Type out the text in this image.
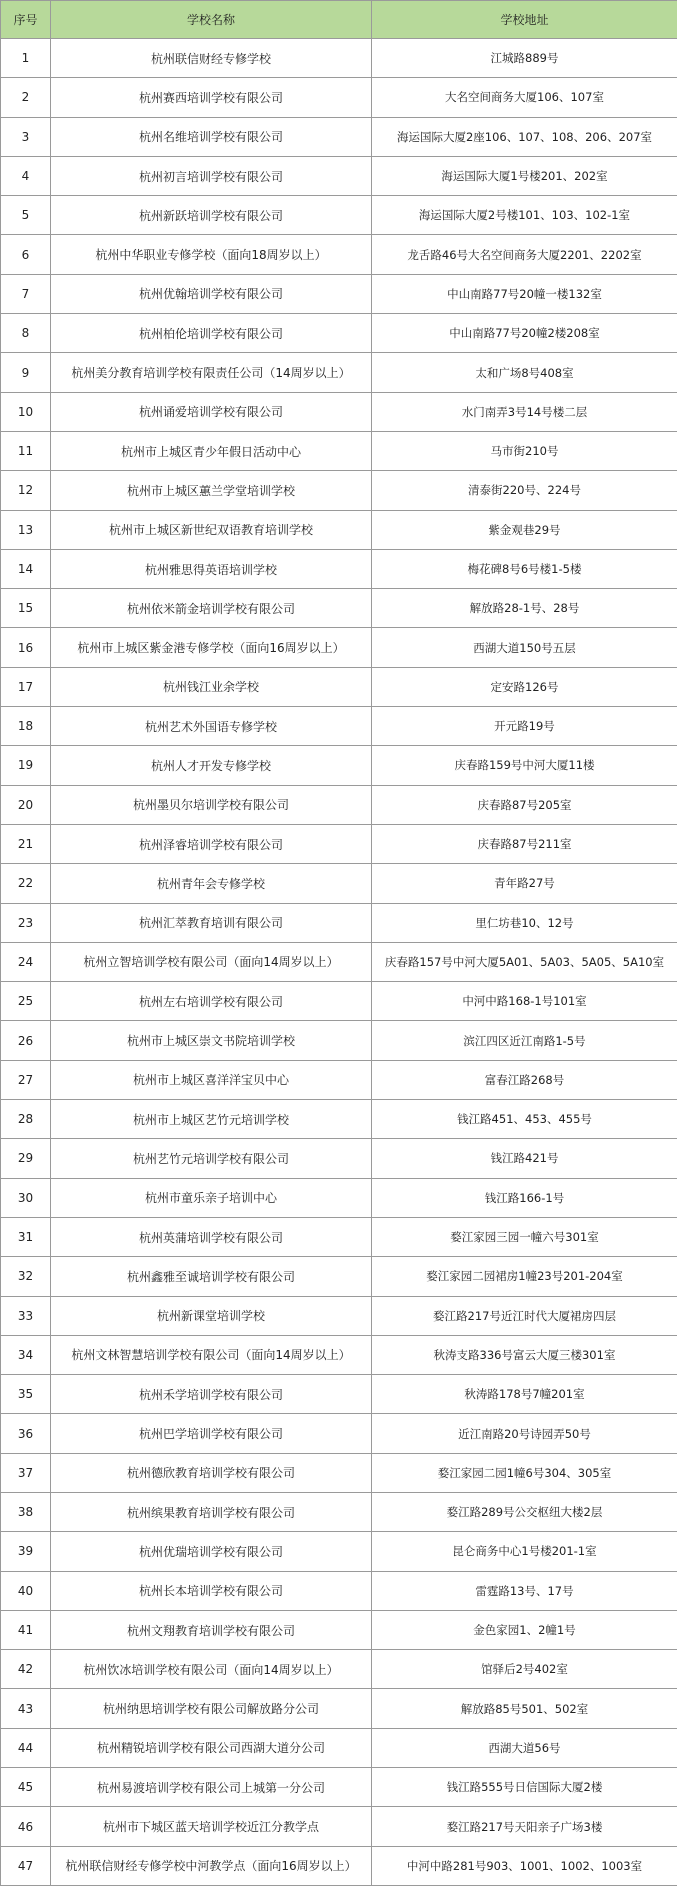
序号	学校名称	学校地址
1	杭州联信财经专修学校	江城路889号
2	杭州赛西培训学校有限公司	大名空间商务大厦106、107室
3	杭州名维培训学校有限公司	海运国际大厦2座106、107、108、206、207室
4	杭州初言培训学校有限公司	海运国际大厦1号楼201、202室
5	杭州新跃培训学校有限公司	海运国际大厦2号楼101、103、102-1室
6	杭州中华职业专修学校（面向18周岁以上）	龙舌路46号大名空间商务大厦2201、2202室
7	杭州优翰培训学校有限公司	中山南路77号20幢一楼132室
8	杭州柏伦培训学校有限公司	中山南路77号20幢2楼208室
9	杭州美分教育培训学校有限责任公司（14周岁以上）	太和广场8号408室
10	杭州诵爱培训学校有限公司	水门南弄3号14号楼二层
11	杭州市上城区青少年假日活动中心	马市街210号
12	杭州市上城区蕙兰学堂培训学校	清泰街220号、224号
13	杭州市上城区新世纪双语教育培训学校	紫金观巷29号
14	杭州雅思得英语培训学校	梅花碑8号6号楼1-5楼
15	杭州依米箭金培训学校有限公司	解放路28-1号、28号
16	杭州市上城区紫金港专修学校（面向16周岁以上）	西湖大道150号五层
17	杭州钱江业余学校	定安路126号
18	杭州艺术外国语专修学校	开元路19号
19	杭州人才开发专修学校	庆春路159号中河大厦11楼
20	杭州墨贝尔培训学校有限公司	庆春路87号205室
21	杭州泽睿培训学校有限公司	庆春路87号211室
22	杭州青年会专修学校	青年路27号
23	杭州汇萃教育培训有限公司	里仁坊巷10、12号
24	杭州立智培训学校有限公司（面向14周岁以上）	庆春路157号中河大厦5A01、5A03、5A05、5A10室
25	杭州左右培训学校有限公司	中河中路168-1号101室
26	杭州市上城区崇文书院培训学校	滨江四区近江南路1-5号
27	杭州市上城区喜洋洋宝贝中心	富春江路268号
28	杭州市上城区艺竹元培训学校	钱江路451、453、455号
29	杭州艺竹元培训学校有限公司	钱江路421号
30	杭州市童乐亲子培训中心	钱江路166-1号
31	杭州英蒲培训学校有限公司	婺江家园三园一幢六号301室
32	杭州鑫雅至诚培训学校有限公司	婺江家园二园裙房1幢23号201-204室
33	杭州新课堂培训学校	婺江路217号近江时代大厦裙房四层
34	杭州文林智慧培训学校有限公司（面向14周岁以上）	秋涛支路336号富云大厦三楼301室
35	杭州禾学培训学校有限公司	秋涛路178号7幢201室
36	杭州巴学培训学校有限公司	近江南路20号诗园弄50号
37	杭州德欣教育培训学校有限公司	婺江家园二园1幢6号304、305室
38	杭州缤果教育培训学校有限公司	婺江路289号公交枢纽大楼2层
39	杭州优瑞培训学校有限公司	昆仑商务中心1号楼201-1室
40	杭州长本培训学校有限公司	雷霆路13号、17号
41	杭州文翔教育培训学校有限公司	金色家园1、2幢1号
42	杭州饮冰培训学校有限公司（面向14周岁以上）	馆驿后2号402室
43	杭州纳思培训学校有限公司解放路分公司	解放路85号501、502室
44	杭州精锐培训学校有限公司西湖大道分公司	西湖大道56号
45	杭州易渡培训学校有限公司上城第一分公司	钱江路555号日信国际大厦2楼
46	杭州市下城区蓝天培训学校近江分教学点	婺江路217号天阳亲子广场3楼
47	杭州联信财经专修学校中河教学点（面向16周岁以上）	中河中路281号903、1001、1002、1003室
